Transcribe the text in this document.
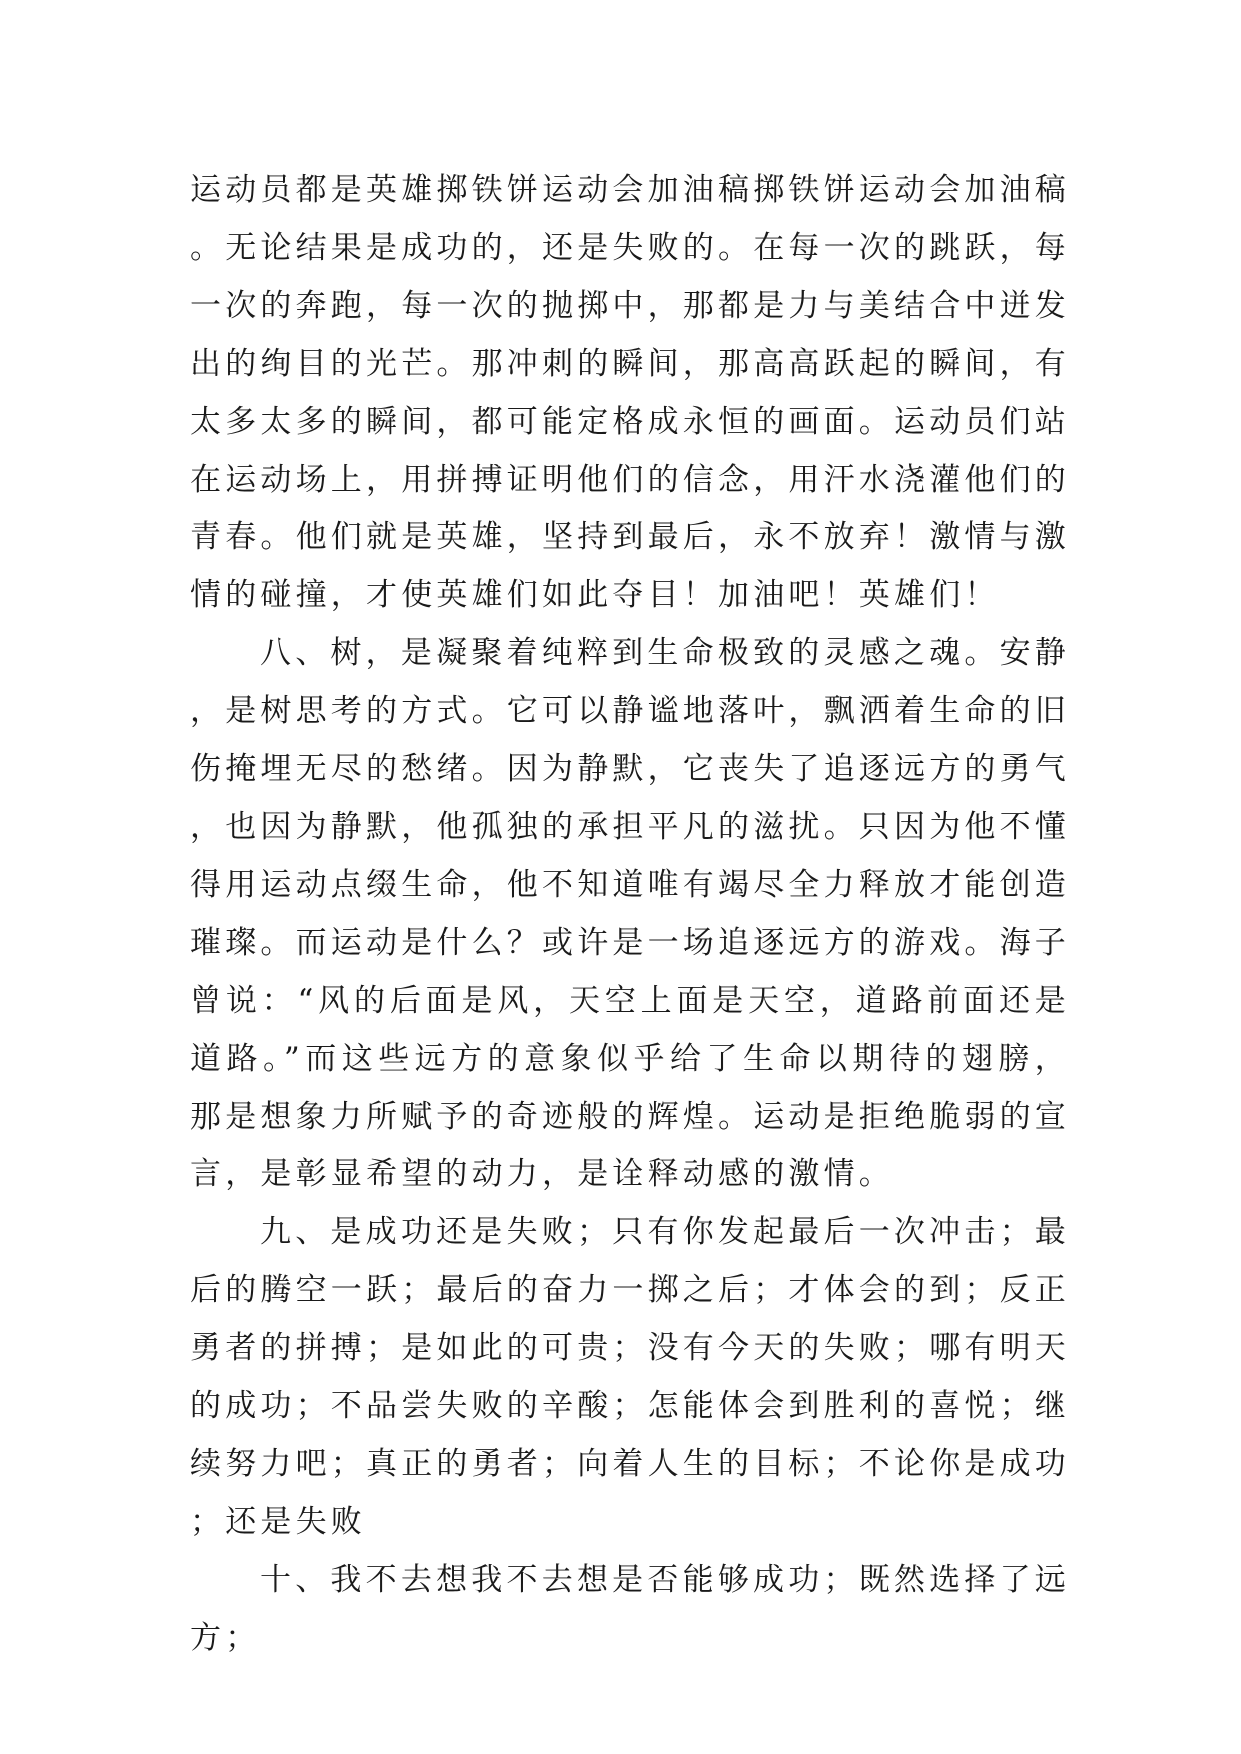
运动员都是英雄掷铁饼运动会加油稿掷铁饼运动会加油稿。无论结果是成功的，还是失败的。在每一次的跳跃，每一次的奔跑，每一次的抛掷中，那都是力与美结合中迸发出的绚目的光芒。那冲刺的瞬间，那高高跃起的瞬间，有太多太多的瞬间，都可能定格成永恒的画面。运动员们站在运动场上，用拼搏证明他们的信念，用汗水浇灌他们的青春。他们就是英雄，坚持到最后，永不放弃！激情与激情的碰撞，才使英雄们如此夺目！加油吧！英雄们！

八、树，是凝聚着纯粹到生命极致的灵感之魂。安静，是树思考的方式。它可以静谧地落叶，飘洒着生命的旧伤掩埋无尽的愁绪。因为静默，它丧失了追逐远方的勇气，也因为静默，他孤独的承担平凡的滋扰。只因为他不懂得用运动点缀生命，他不知道唯有竭尽全力释放才能创造璀璨。而运动是什么？或许是一场追逐远方的游戏。海子曾说：“风的后面是风，天空上面是天空，道路前面还是道路。”而这些远方的意象似乎给了生命以期待的翅膀，那是想象力所赋予的奇迹般的辉煌。运动是拒绝脆弱的宣言，是彰显希望的动力，是诠释动感的激情。

九、是成功还是失败；只有你发起最后一次冲击；最后的腾空一跃；最后的奋力一掷之后；才体会的到；反正勇者的拼搏；是如此的可贵；没有今天的失败；哪有明天的成功；不品尝失败的辛酸；怎能体会到胜利的喜悦；继续努力吧；真正的勇者；向着人生的目标；不论你是成功；还是失败

十、我不去想我不去想是否能够成功；既然选择了远方；
